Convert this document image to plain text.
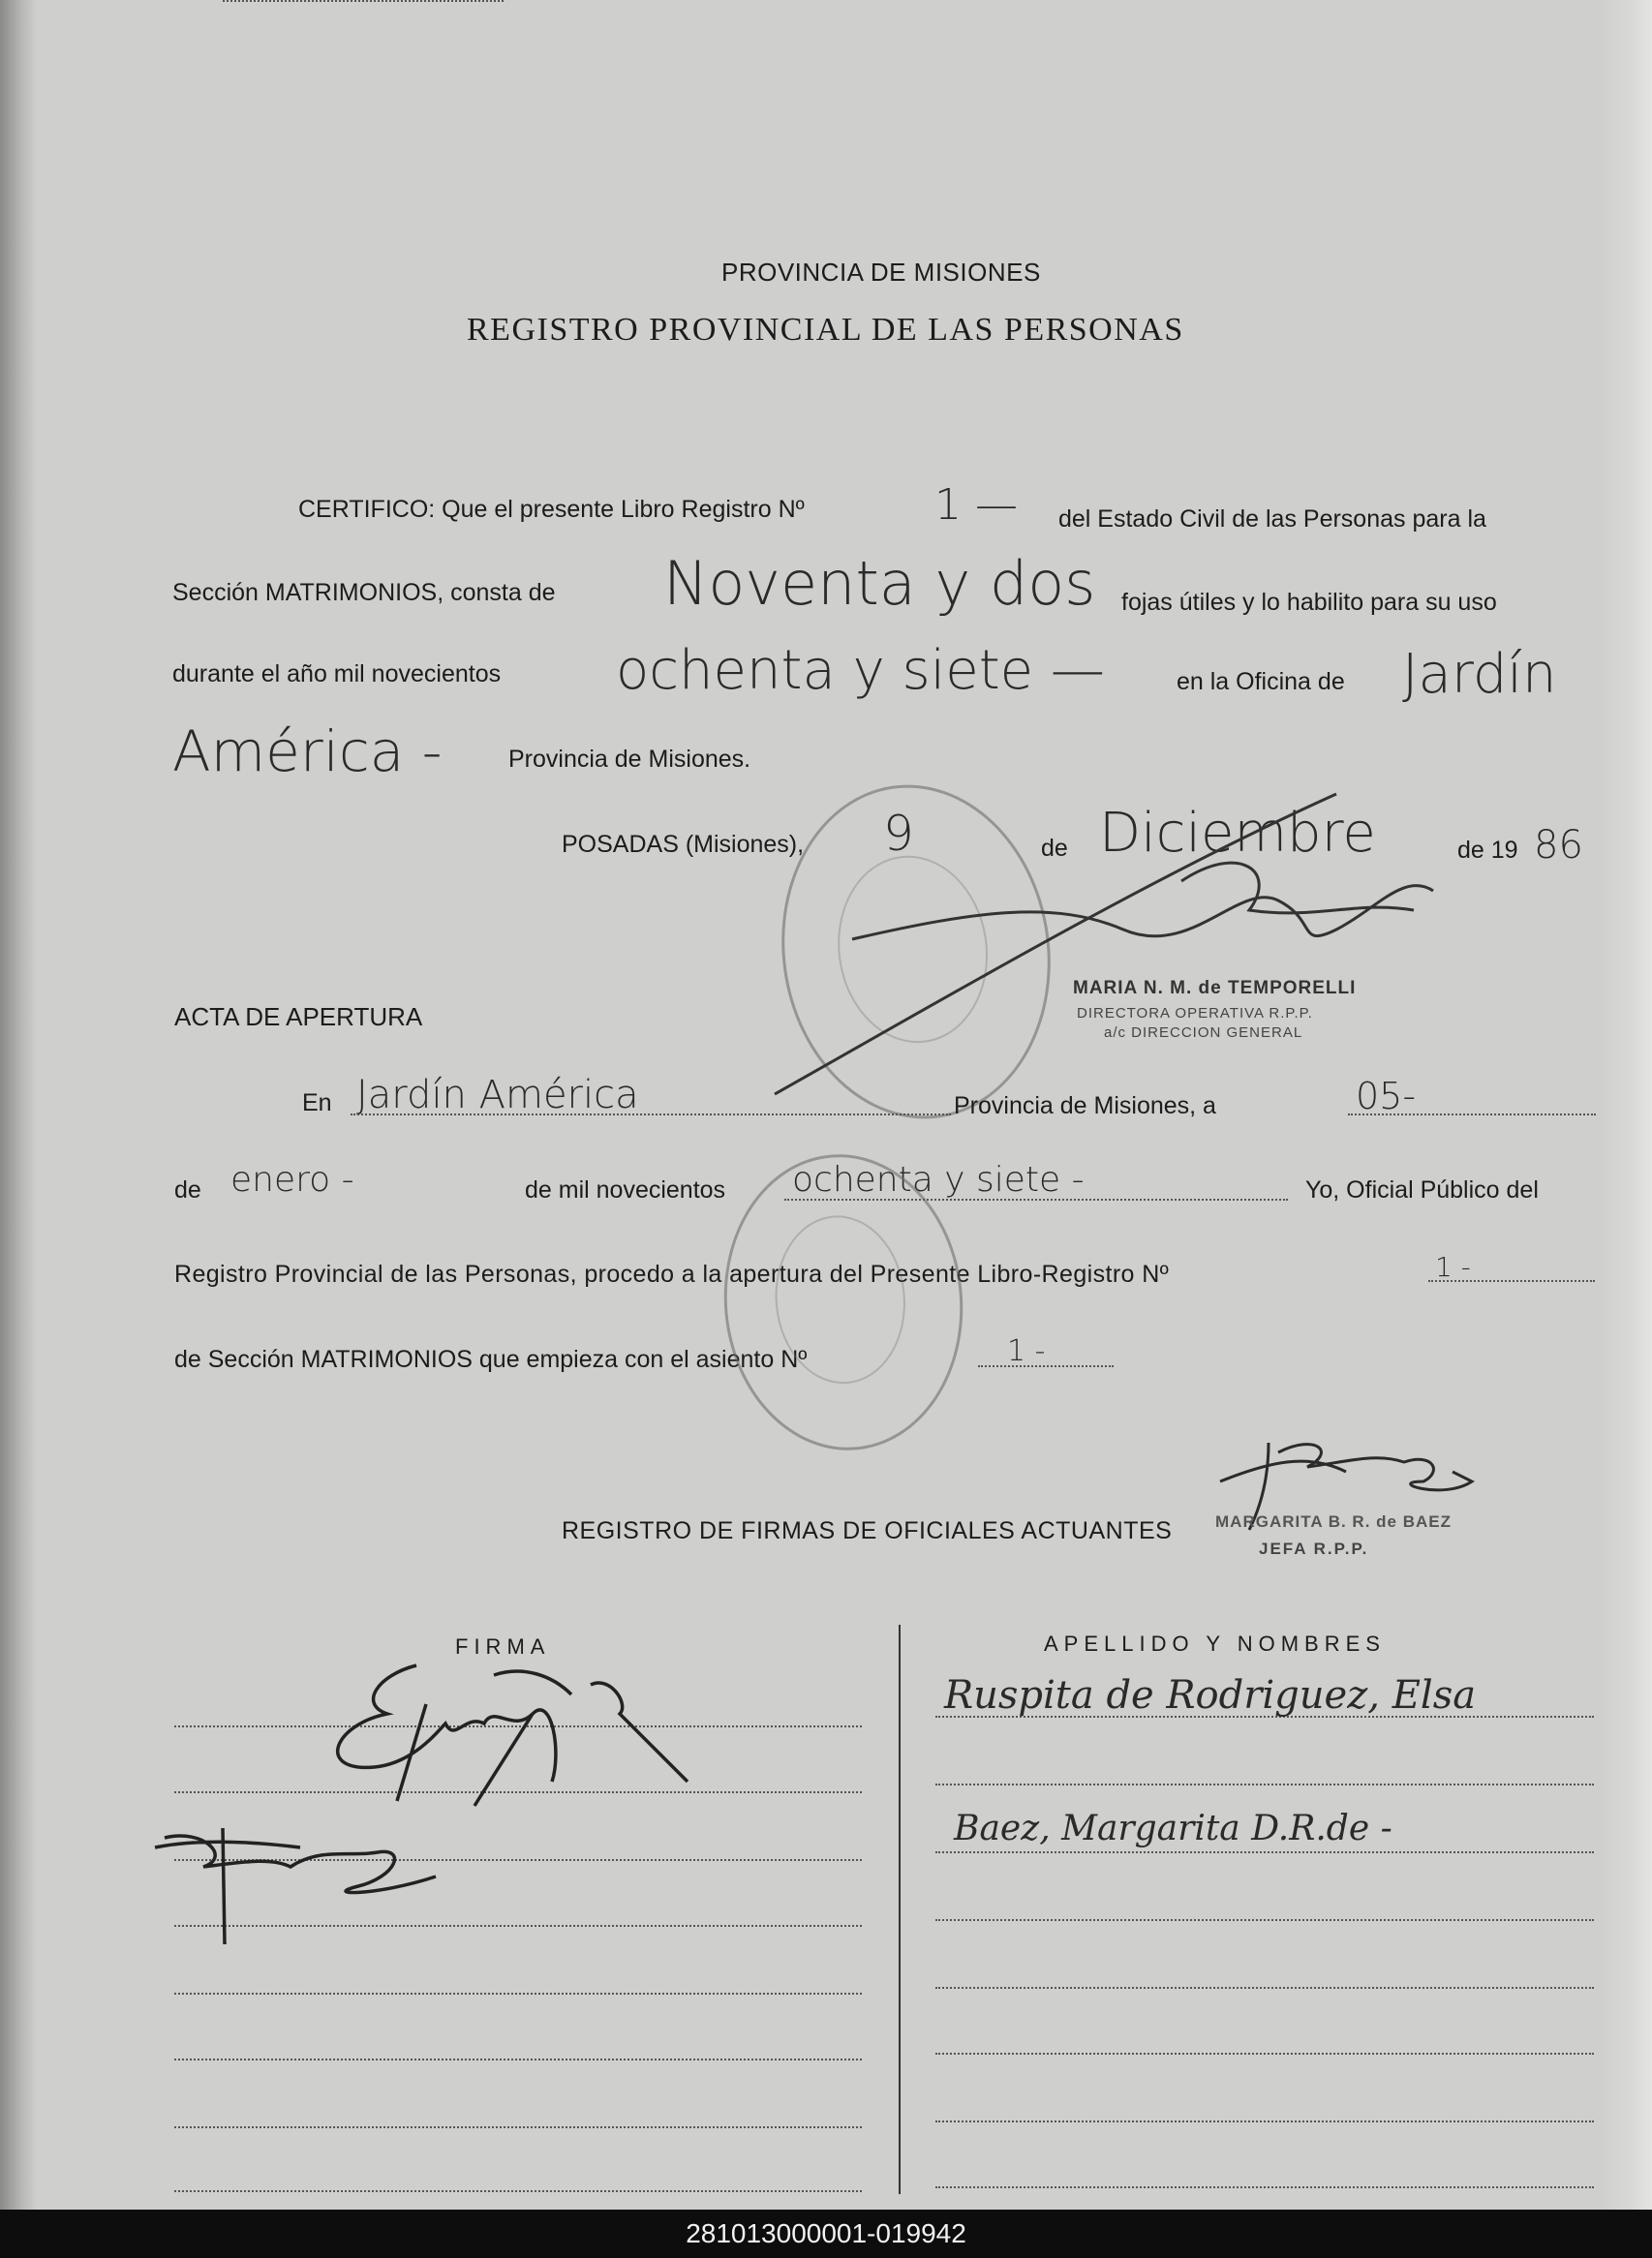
PROVINCIA DE MISIONES
REGISTRO PROVINCIAL DE LAS PERSONAS
CERTIFICO: Que el presente Libro Registro Nº	1 — del Estado Civil de las Personas para la
Sección MATRIMONIOS, consta de Noventa y dos fojas útiles y lo habilito para su uso
durante el año mil novecientos ochenta y siete —	en la Oficina de Jardín
América -	Provincia de Misiones.
POSADAS (Misiones), 9	de Diciembre	de 19 86
MARIA N. M. de TEMPORELLI
DIRECTORA OPERATIVA R.P.P.
a/c DIRECCION GENERAL
ACTA DE APERTURA
En Jardín América	Provincia de Misiones, a	05-
de enero -	de mil novecientos ochenta y siete -	Yo, Oficial Público del
Registro Provincial de las Personas, procedo a la apertura del Presente Libro-Registro Nº	1 -
de Sección MATRIMONIOS que empieza con el asiento Nº	1 -
MARGARITA B. R. de BAEZ
JEFA R.P.P.
REGISTRO DE FIRMAS DE OFICIALES ACTUANTES
FIRMA	APELLIDO Y NOMBRES
Ruspita de Rodriguez, Elsa
Baez, Margarita D.R.de -
281013000001-019942
